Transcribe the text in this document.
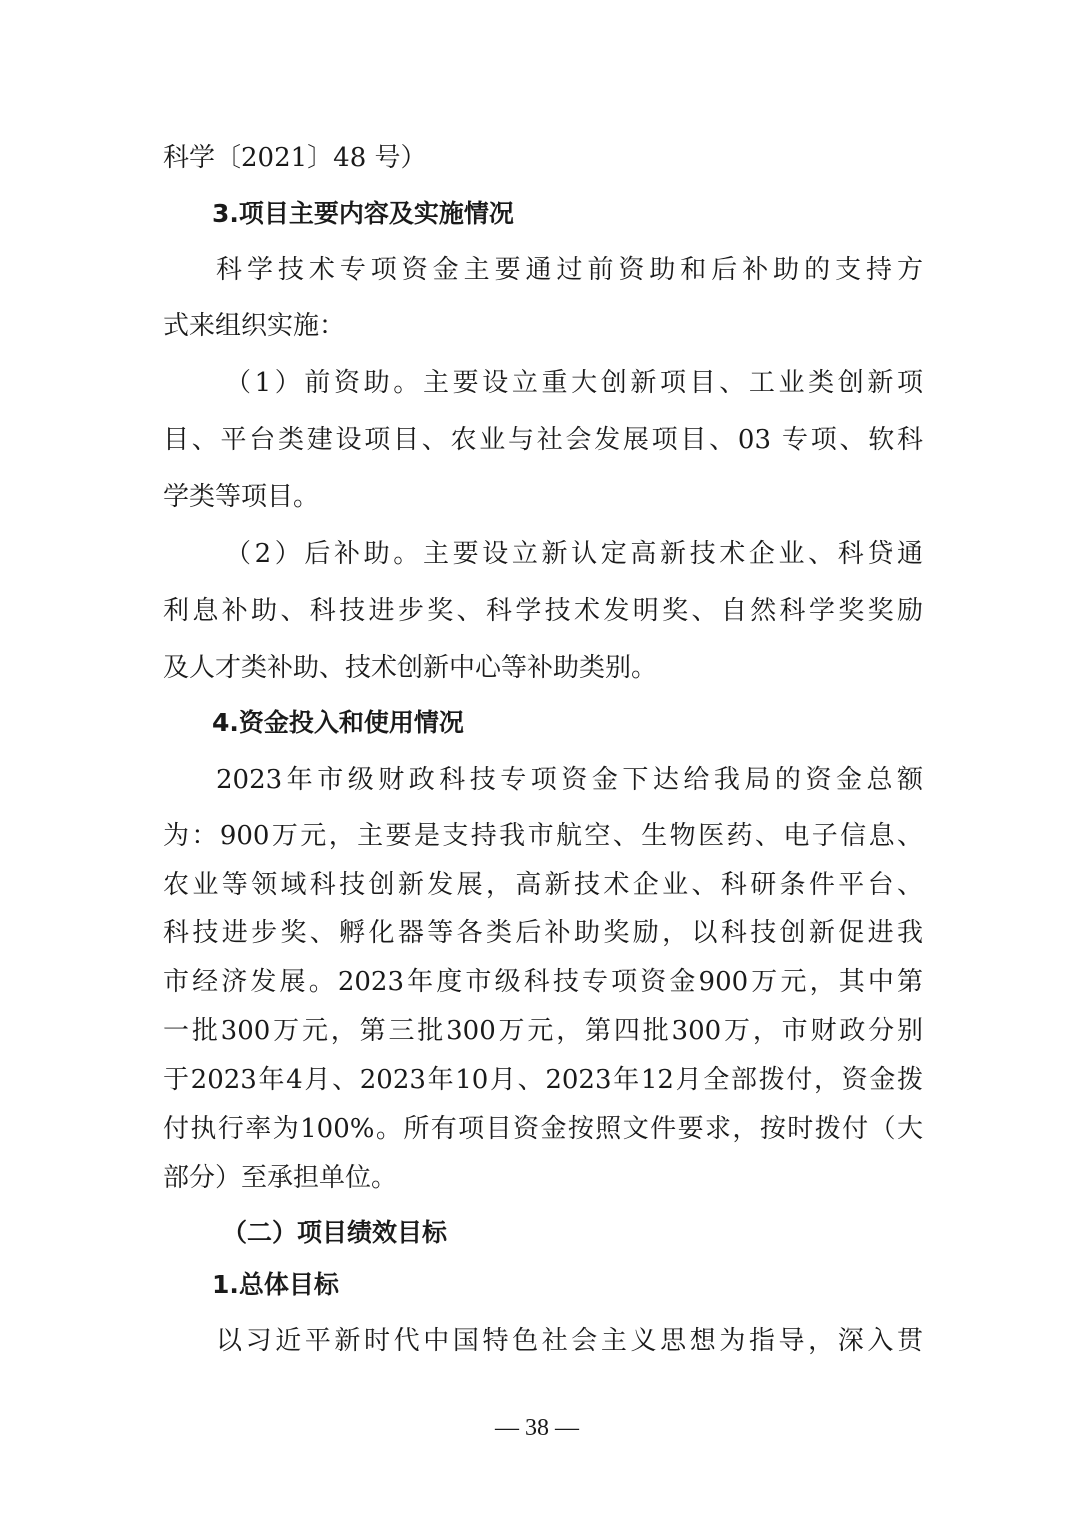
科学〔2021〕48 号）
3.项目主要内容及实施情况
科学技术专项资金主要通过前资助和后补助的支持方
式来组织实施：
（1）前资助。主要设立重大创新项目、工业类创新项
目、平台类建设项目、农业与社会发展项目、03 专项、软科
学类等项目。
（2）后补助。主要设立新认定高新技术企业、科贷通
利息补助、科技进步奖、科学技术发明奖、自然科学奖奖励
及人才类补助、技术创新中心等补助类别。
4.资金投入和使用情况
2023年市级财政科技专项资金下达给我局的资金总额
为：900万元，主要是支持我市航空、生物医药、电子信息、
农业等领域科技创新发展，高新技术企业、科研条件平台、
科技进步奖、孵化器等各类后补助奖励，以科技创新促进我
市经济发展。2023年度市级科技专项资金900万元，其中第
一批300万元，第三批300万元，第四批300万，市财政分别
于2023年4月、2023年10月、2023年12月全部拨付，资金拨
付执行率为100%。所有项目资金按照文件要求，按时拨付（大
部分）至承担单位。
（二）项目绩效目标
1.总体目标
以习近平新时代中国特色社会主义思想为指导，深入贯
— 38 —
